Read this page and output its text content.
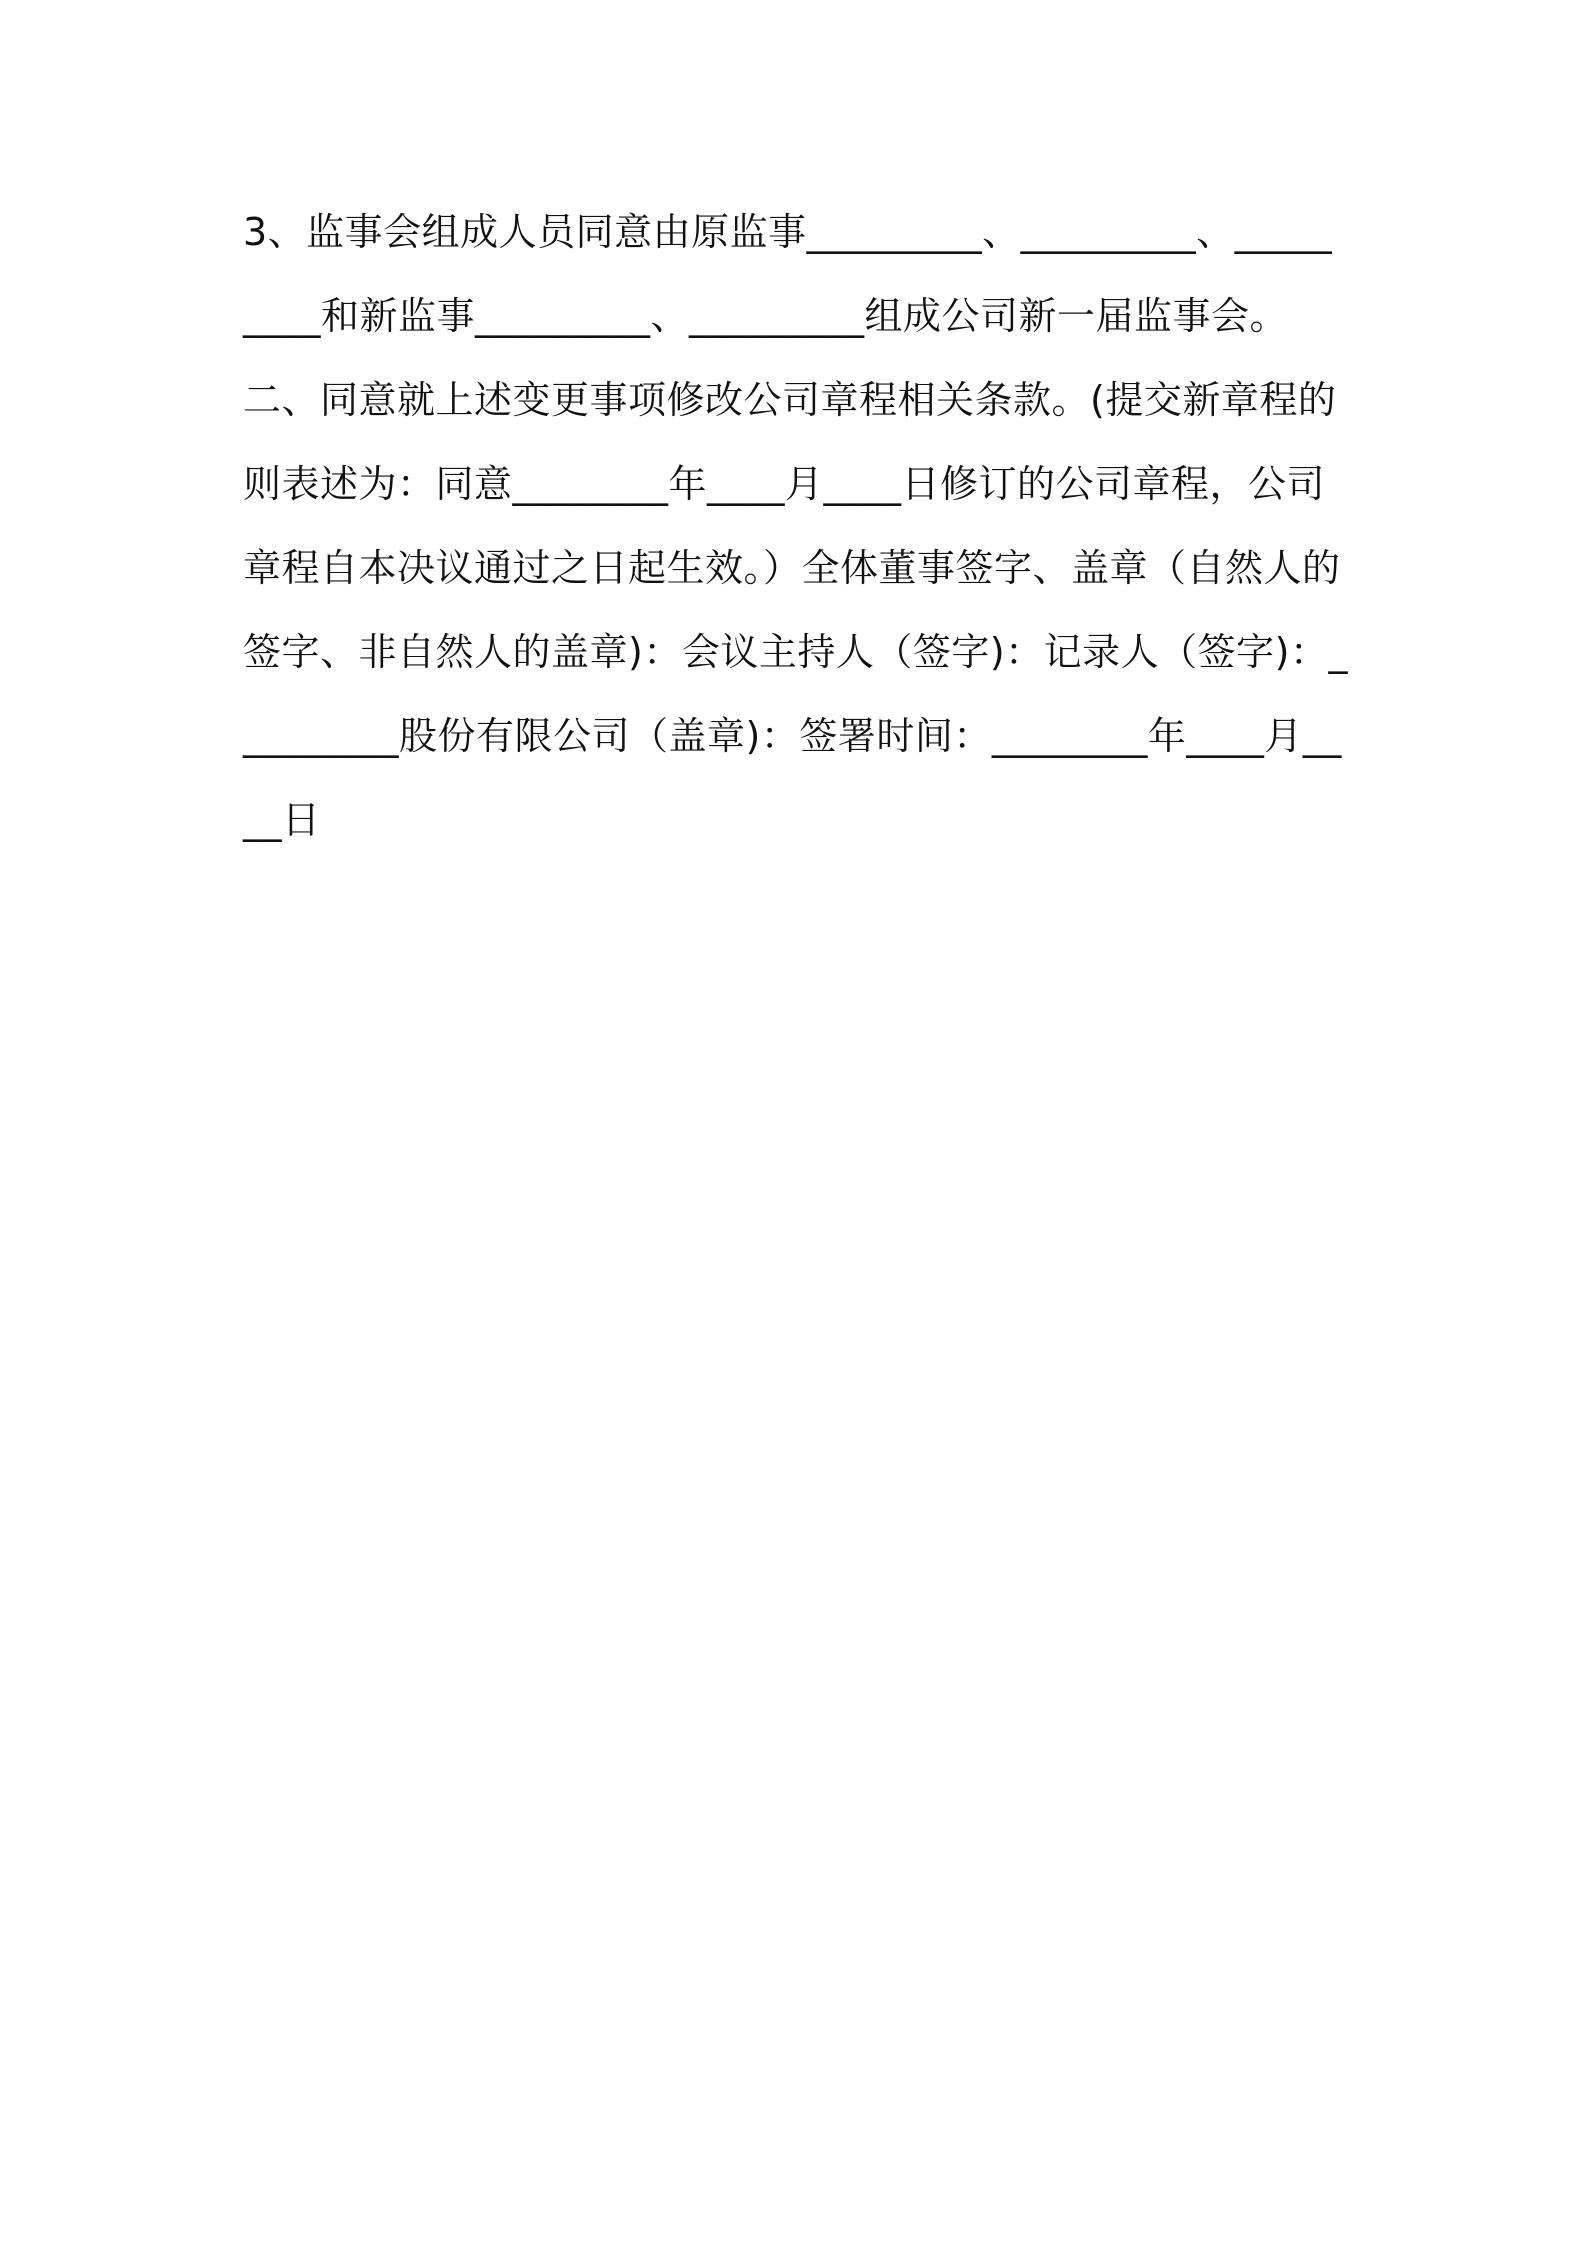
3、监事会组成人员同意由原监事_________、_________、_________和新监事_________、_________组成公司新一届监事会。

二、同意就上述变更事项修改公司章程相关条款。(提交新章程的则表述为：同意________年____月____日修订的公司章程，公司章程自本决议通过之日起生效。）全体董事签字、盖章（自然人的签字、非自然人的盖章)：会议主持人（签字)：记录人（签字)：_________股份有限公司（盖章)：签署时间：________年____月____日
